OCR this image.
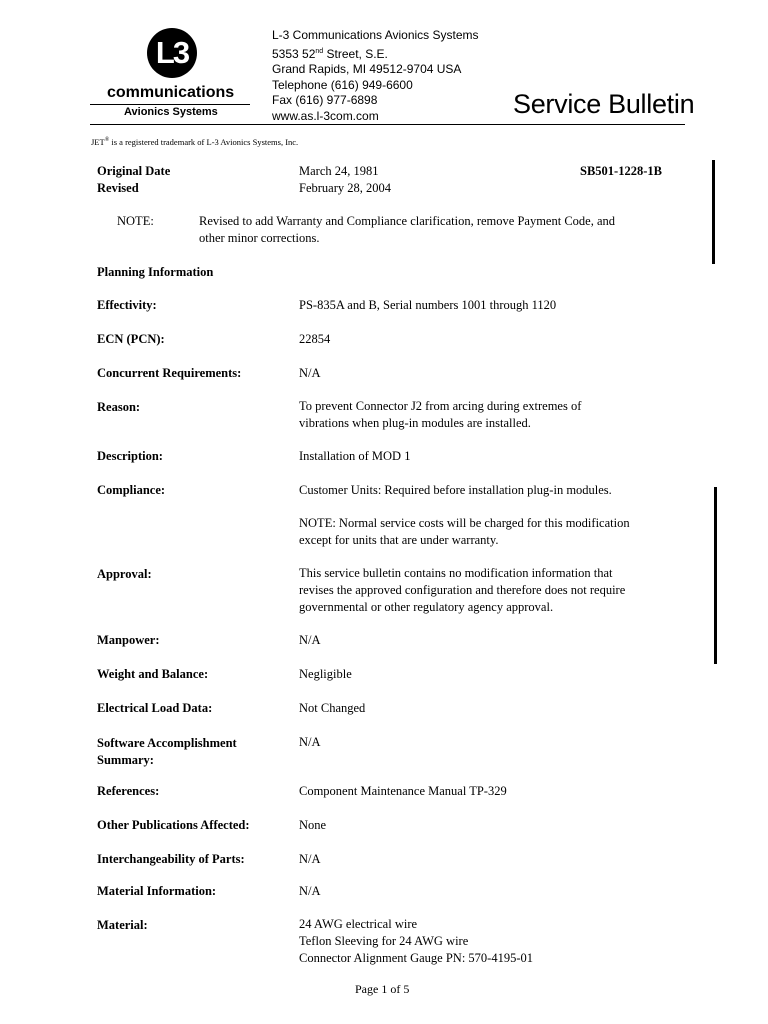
L3
communications
Avionics Systems
L-3 Communications Avionics Systems
5353 52nd Street, S.E.
Grand Rapids, MI 49512-9704 USA
Telephone (616) 949-6600
Fax (616) 977-6898
www.as.l-3com.com	Service Bulletin
JET® is a registered trademark of L-3 Avionics Systems, Inc.
Original Date	March 24, 1981	SB501-1228-1B
Revised	February 28, 2004
NOTE:	Revised to add Warranty and Compliance clarification, remove Payment Code, and
other minor corrections.
Planning Information
Effectivity:	PS-835A and B, Serial numbers 1001 through 1120
ECN (PCN):	22854
Concurrent Requirements:	N/A
Reason:	To prevent Connector J2 from arcing during extremes of
vibrations when plug-in modules are installed.
Description:	Installation of MOD 1
Compliance:	Customer Units: Required before installation plug-in modules.
NOTE: Normal service costs will be charged for this modification
except for units that are under warranty.
Approval:	This service bulletin contains no modification information that
revises the approved configuration and therefore does not require
governmental or other regulatory agency approval.
Manpower:	N/A
Weight and Balance:	Negligible
Electrical Load Data:	Not Changed
Software Accomplishment
Summary:
N/A
References:	Component Maintenance Manual TP-329
Other Publications Affected:	None
Interchangeability of Parts:	N/A
Material Information:	N/A
Material:	24 AWG electrical wire
Teflon Sleeving for 24 AWG wire
Connector Alignment Gauge PN: 570-4195-01
Page 1 of 5
